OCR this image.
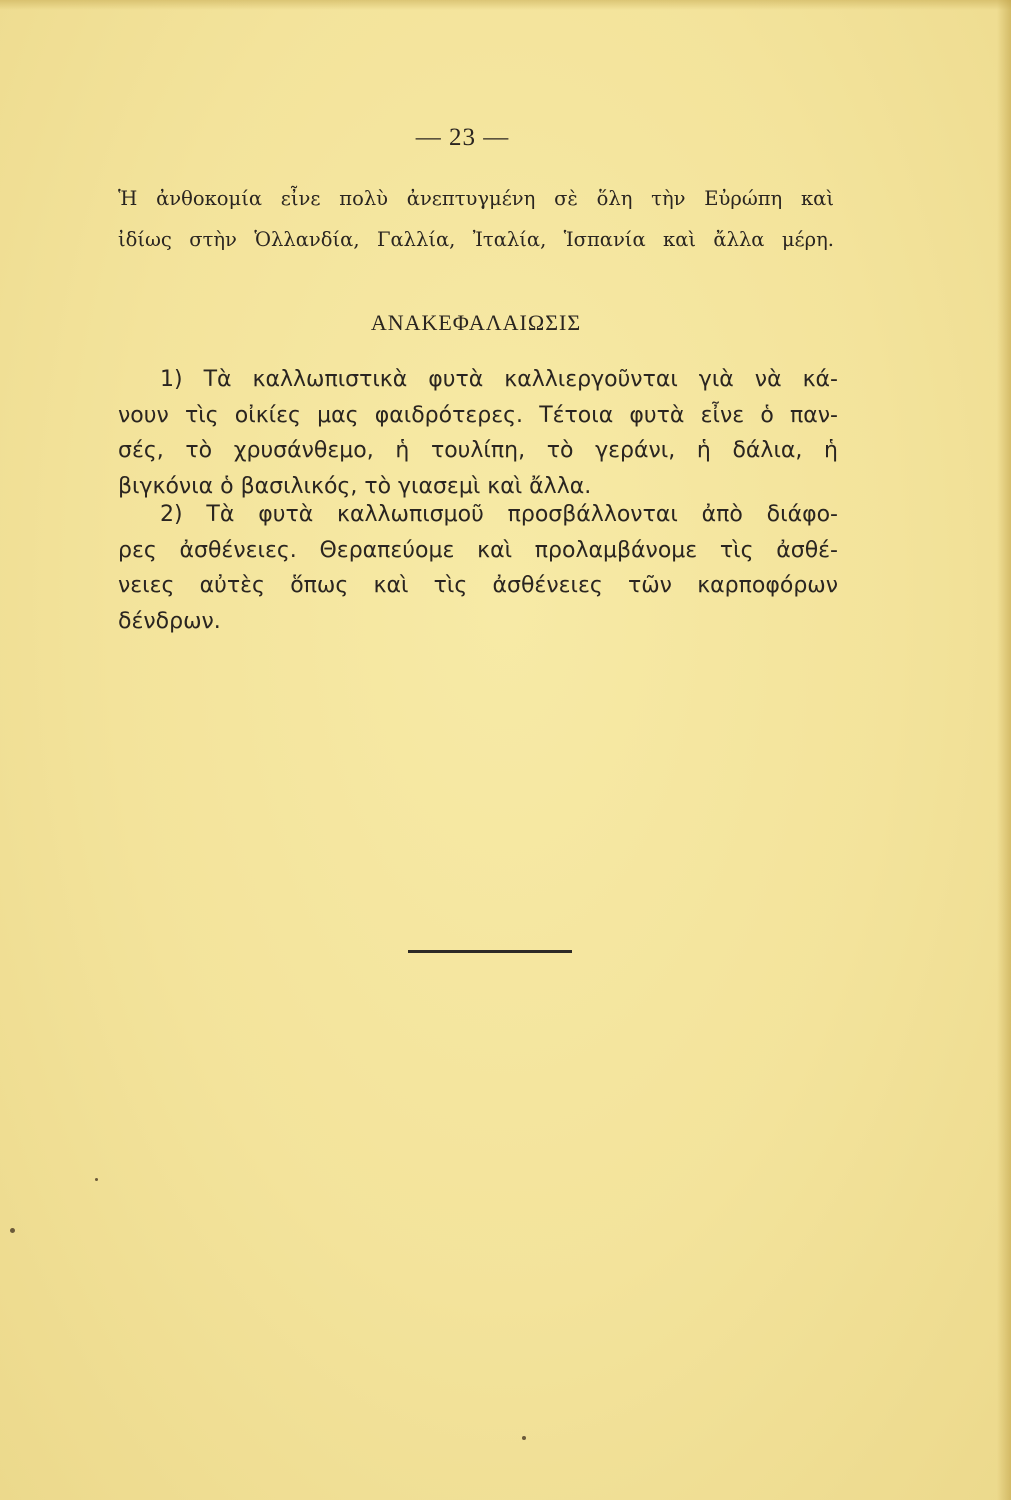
— 23 —
Ἡ ἀνθοκομία εἶνε πολὺ ἀνεπτυγμένη σὲ ὅλη τὴν Εὐρώπη καὶ
ἰδίως στὴν Ὁλλανδία, Γαλλία, Ἰταλία, Ἱσπανία καὶ ἄλλα μέρη.
ΑΝΑΚΕΦΑΛΑΙΩΣΙΣ
1) Τὰ καλλωπιστικὰ φυτὰ καλλιεργοῦνται γιὰ νὰ κά-
νουν τὶς οἰκίες μας φαιδρότερες. Τέτοια φυτὰ εἶνε ὁ παν-
σές, τὸ χρυσάνθεμο, ἡ τουλίπη, τὸ γεράνι, ἡ δάλια, ἡ
βιγκόνια ὁ βασιλικός, τὸ γιασεμὶ καὶ ἄλλα.
2) Τὰ φυτὰ καλλωπισμοῦ προσβάλλονται ἀπὸ διάφο-
ρες ἀσθένειες. Θεραπεύομε καὶ προλαμβάνομε τὶς ἀσθέ-
νειες αὐτὲς ὅπως καὶ τὶς ἀσθένειες τῶν καρποφόρων
δένδρων.
